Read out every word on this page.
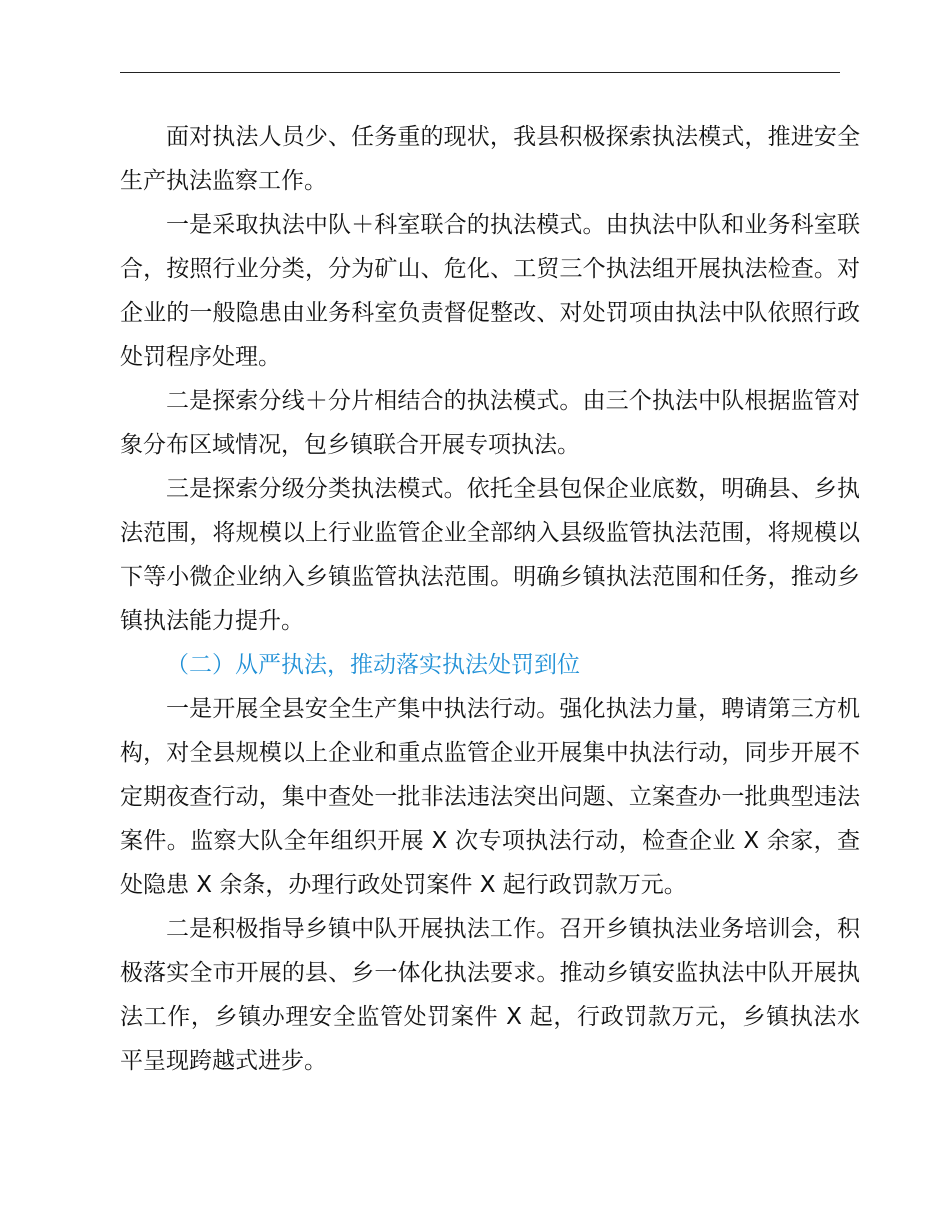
面对执法人员少、任务重的现状，我县积极探索执法模式，推进安全生产执法监察工作。

一是采取执法中队＋科室联合的执法模式。由执法中队和业务科室联合，按照行业分类，分为矿山、危化、工贸三个执法组开展执法检查。对企业的一般隐患由业务科室负责督促整改、对处罚项由执法中队依照行政处罚程序处理。

二是探索分线＋分片相结合的执法模式。由三个执法中队根据监管对象分布区域情况，包乡镇联合开展专项执法。

三是探索分级分类执法模式。依托全县包保企业底数，明确县、乡执法范围，将规模以上行业监管企业全部纳入县级监管执法范围，将规模以下等小微企业纳入乡镇监管执法范围。明确乡镇执法范围和任务，推动乡镇执法能力提升。

（二）从严执法，推动落实执法处罚到位

一是开展全县安全生产集中执法行动。强化执法力量，聘请第三方机构，对全县规模以上企业和重点监管企业开展集中执法行动，同步开展不定期夜查行动，集中查处一批非法违法突出问题、立案查办一批典型违法案件。监察大队全年组织开展 X 次专项执法行动，检查企业 X 余家，查处隐患 X 余条，办理行政处罚案件 X 起行政罚款万元。

二是积极指导乡镇中队开展执法工作。召开乡镇执法业务培训会，积极落实全市开展的县、乡一体化执法要求。推动乡镇安监执法中队开展执法工作，乡镇办理安全监管处罚案件 X 起，行政罚款万元，乡镇执法水平呈现跨越式进步。
